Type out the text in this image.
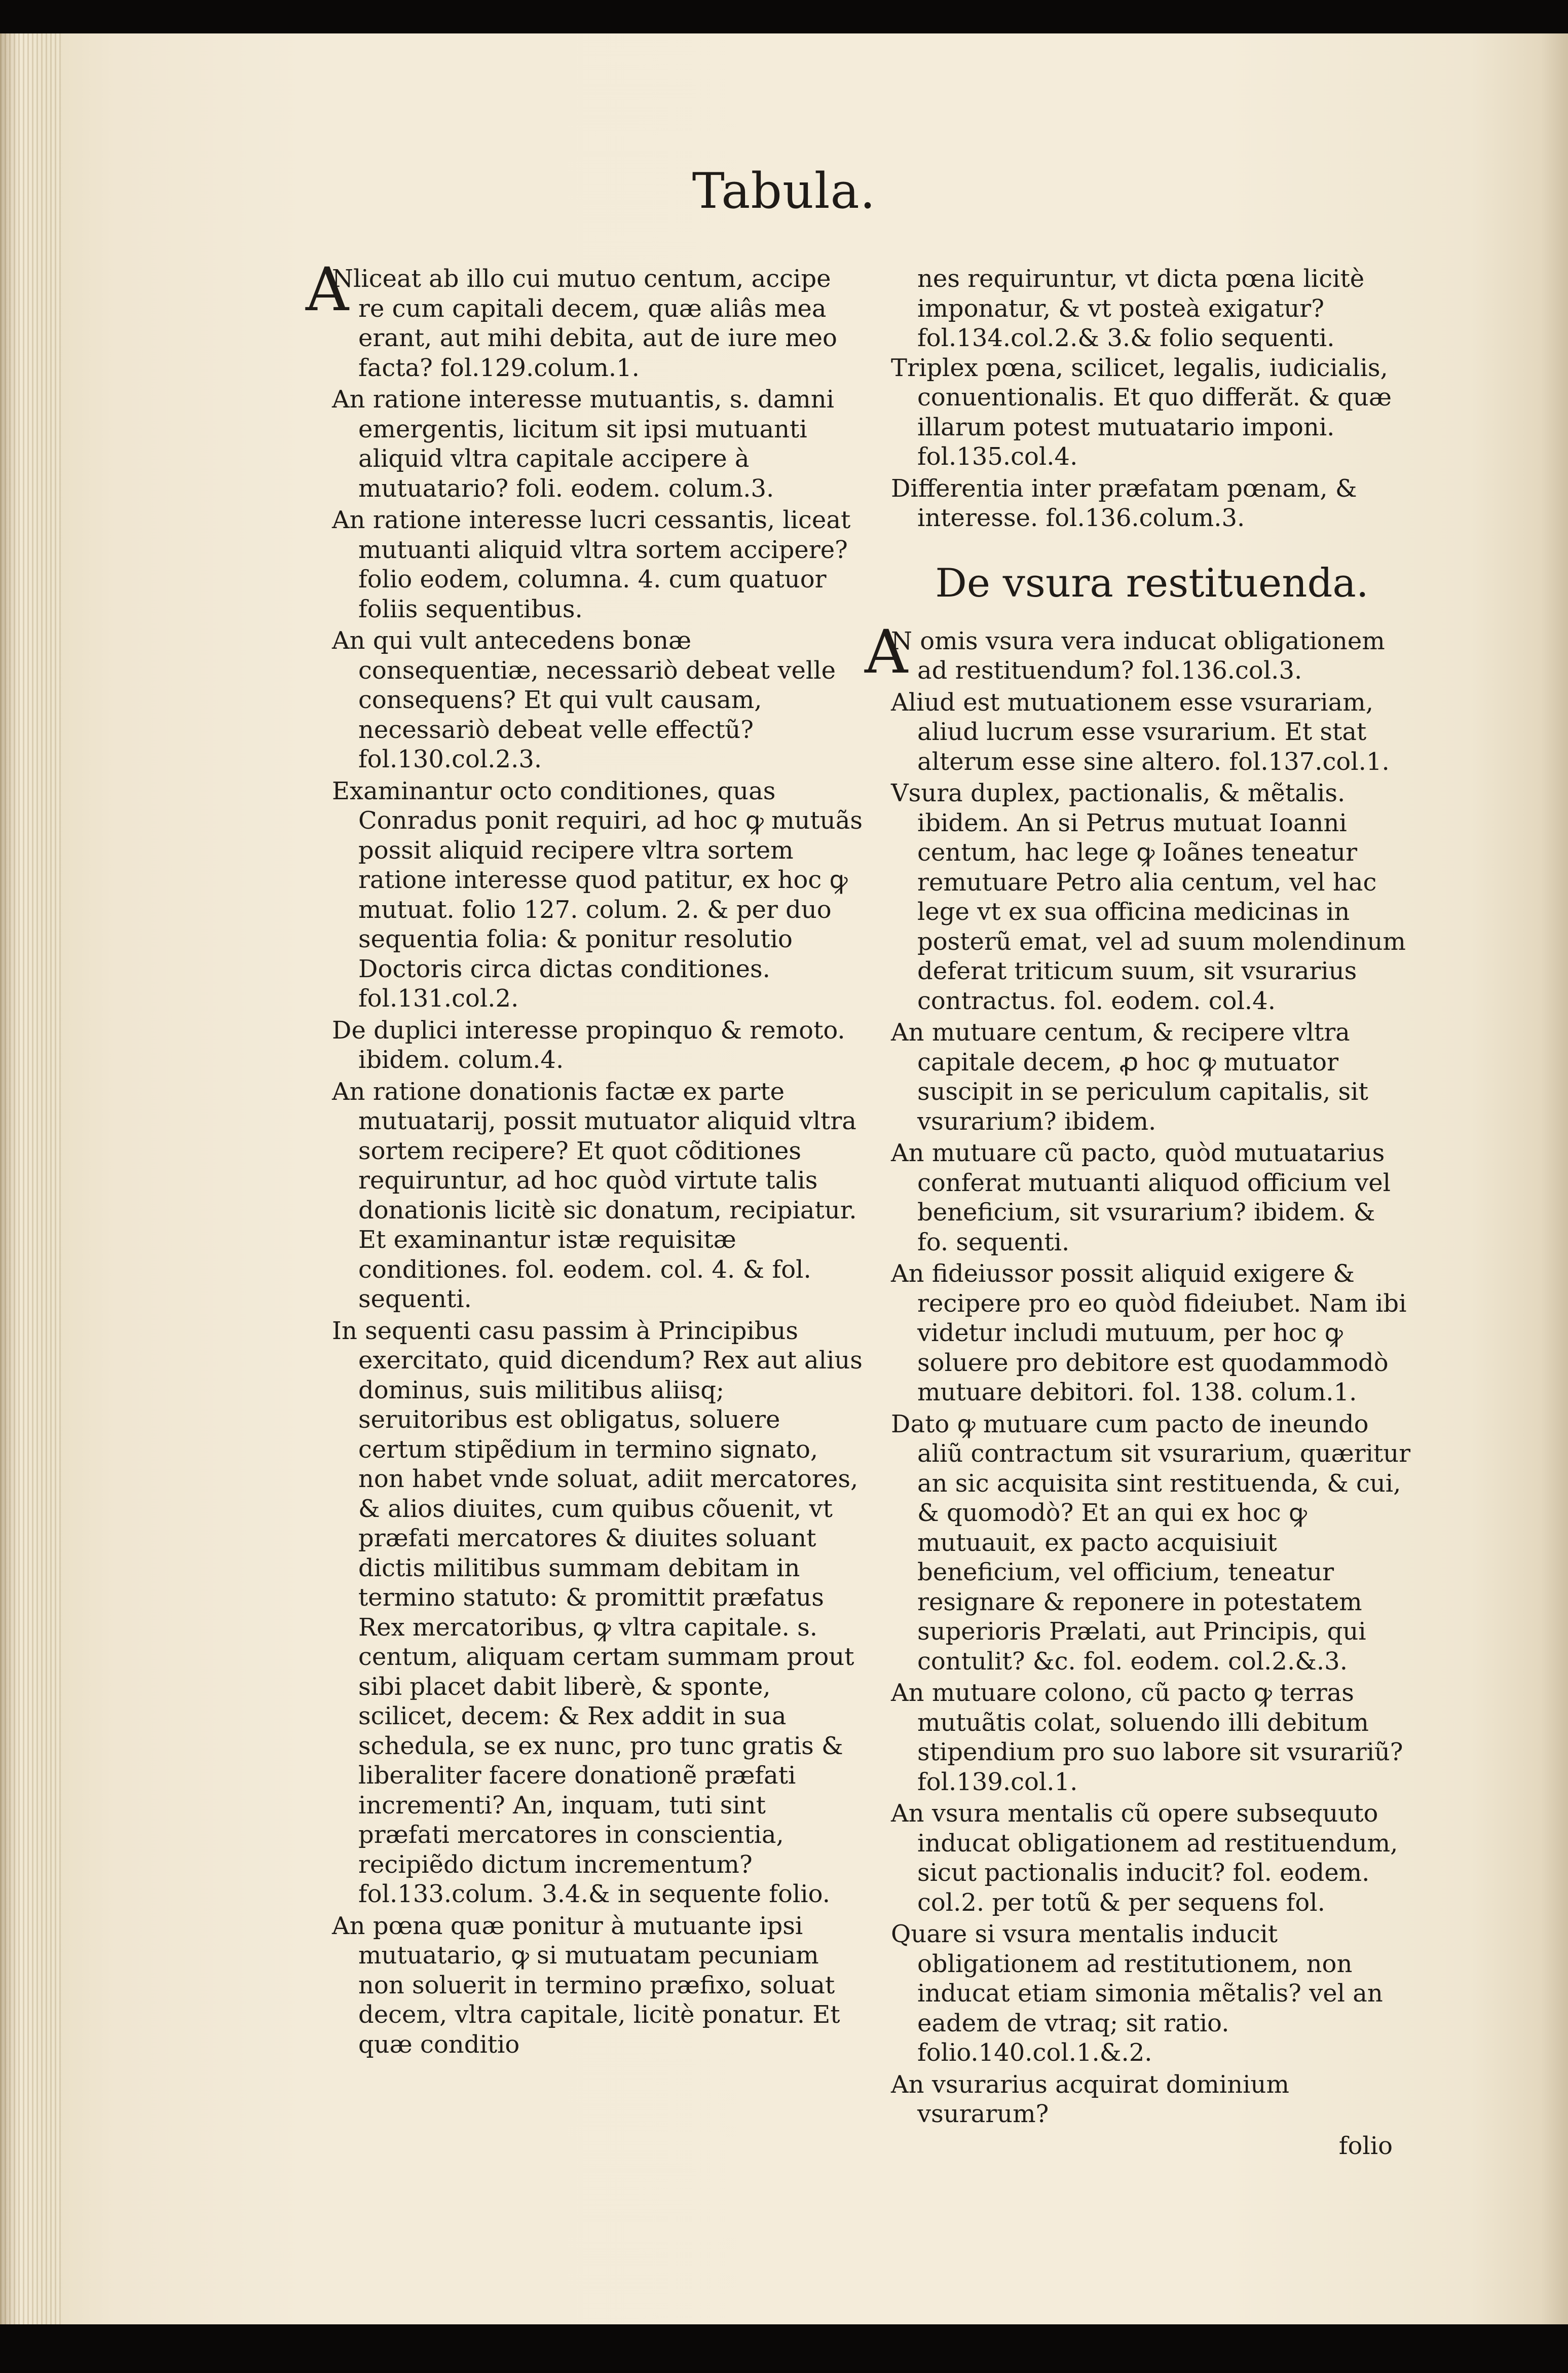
Tabula.

A
Nliceat ab illo cui mutuo centum, accipe re cum capitali decem, quæ aliâs mea erant, aut mihi debita, aut de iure meo facta? fol.129.colum.1.

An ratione interesse mutuantis, s. damni emergentis, licitum sit ipsi mutuanti aliquid vltra capitale accipere à mutuatario? foli. eodem. colum.3.

An ratione interesse lucri cessantis, liceat mutuanti aliquid vltra sortem accipere? folio eodem, columna. 4. cum quatuor foliis sequentibus.

An qui vult antecedens bonæ consequentiæ, necessariò debeat velle consequens? Et qui vult causam, necessariò debeat velle effectũ? fol.130.col.2.3.

Examinantur octo conditiones, quas Conradus ponit requiri, ad hoc ꝙ mutuãs possit aliquid recipere vltra sortem ratione interesse quod patitur, ex hoc ꝙ mutuat. folio 127. colum. 2. & per duo sequentia folia: & ponitur resolutio Doctoris circa dictas conditiones. fol.131.col.2.

De duplici interesse propinquo & remoto. ibidem. colum.4.

An ratione donationis factæ ex parte mutuatarij, possit mutuator aliquid vltra sortem recipere? Et quot cõditiones requiruntur, ad hoc quòd virtute talis donationis licitè sic donatum, recipiatur. Et examinantur istæ requisitæ conditiones. fol. eodem. col. 4. & fol. sequenti.

In sequenti casu passim à Principibus exercitato, quid dicendum? Rex aut alius dominus, suis militibus aliisq; seruitoribus est obligatus, soluere certum stipẽdium in termino signato, non habet vnde soluat, adiit mercatores, & alios diuites, cum quibus cõuenit, vt præfati mercatores & diuites soluant dictis militibus summam debitam in termino statuto: & promittit præfatus Rex mercatoribus, ꝙ vltra capitale. s. centum, aliquam certam summam prout sibi placet dabit liberè, & sponte, scilicet, decem: & Rex addit in sua schedula, se ex nunc, pro tunc gratis & liberaliter facere donationẽ præfati incrementi? An, inquam, tuti sint præfati mercatores in conscientia, recipiẽdo dictum incrementum? fol.133.colum. 3.4.& in sequente folio.

An pœna quæ ponitur à mutuante ipsi mutuatario, ꝙ si mutuatam pecuniam non soluerit in termino præfixo, soluat decem, vltra capitale, licitè ponatur. Et quæ conditio

nes requiruntur, vt dicta pœna licitè imponatur, & vt posteà exigatur? fol.134.col.2.& 3.& folio sequenti.

Triplex pœna, scilicet, legalis, iudicialis, conuentionalis. Et quo differăt. & quæ illarum potest mutuatario imponi. fol.135.col.4.

Differentia inter præfatam pœnam, & interesse. fol.136.colum.3.

De vsura restituenda.

A
N omis vsura vera inducat obligationem ad restituendum? fol.136.col.3.

Aliud est mutuationem esse vsurariam, aliud lucrum esse vsurarium. Et stat alterum esse sine altero. fol.137.col.1.

Vsura duplex, pactionalis, & mẽtalis. ibidem. An si Petrus mutuat Ioanni centum, hac lege ꝙ Ioãnes teneatur remutuare Petro alia centum, vel hac lege vt ex sua officina medicinas in posterũ emat, vel ad suum molendinum deferat triticum suum, sit vsurarius contractus. fol. eodem. col.4.

An mutuare centum, & recipere vltra capitale decem, ꝓ hoc ꝙ mutuator suscipit in se periculum capitalis, sit vsurarium? ibidem.

An mutuare cũ pacto, quòd mutuatarius conferat mutuanti aliquod officium vel beneficium, sit vsurarium? ibidem. & fo. sequenti.

An fideiussor possit aliquid exigere & recipere pro eo quòd fideiubet. Nam ibi videtur includi mutuum, per hoc ꝙ soluere pro debitore est quodammodò mutuare debitori. fol. 138. colum.1.

Dato ꝙ mutuare cum pacto de ineundo aliũ contractum sit vsurarium, quæritur an sic acquisita sint restituenda, & cui, & quomodò? Et an qui ex hoc ꝙ mutuauit, ex pacto acquisiuit beneficium, vel officium, teneatur resignare & reponere in potestatem superioris Prælati, aut Principis, qui contulit? &c. fol. eodem. col.2.&.3.

An mutuare colono, cũ pacto ꝙ terras mutuãtis colat, soluendo illi debitum stipendium pro suo labore sit vsurariũ? fol.139.col.1.

An vsura mentalis cũ opere subsequuto inducat obligationem ad restituendum, sicut pactionalis inducit? fol. eodem. col.2. per totũ & per sequens fol.

Quare si vsura mentalis inducit obligationem ad restitutionem, non inducat etiam simonia mẽtalis? vel an eadem de vtraq; sit ratio. folio.140.col.1.&.2.

An vsurarius acquirat dominium vsurarum?

folio
